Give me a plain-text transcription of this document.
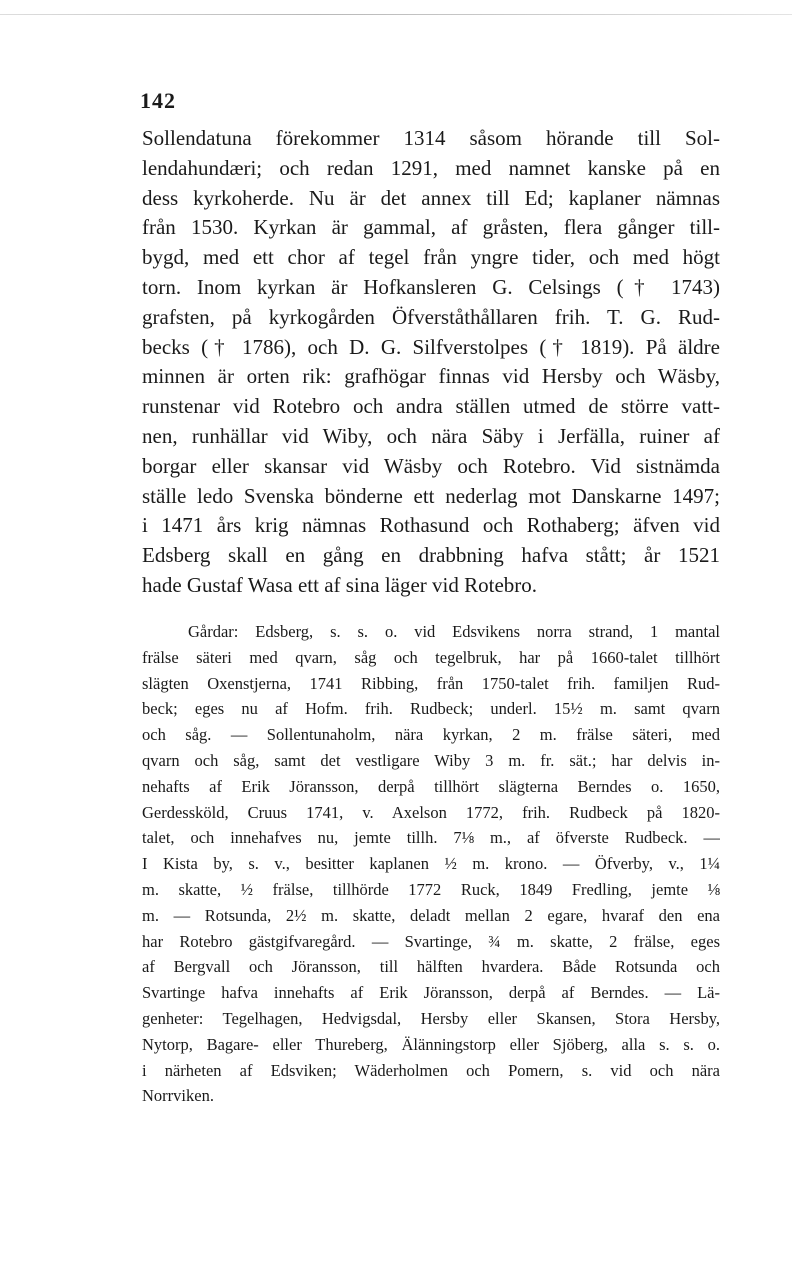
142
Sollendatuna förekommer 1314 såsom hörande till Sol-
lendahundæri; och redan 1291, med namnet kanske på en
dess kyrkoherde. Nu är det annex till Ed; kaplaner nämnas
från 1530. Kyrkan är gammal, af gråsten, flera gånger till-
bygd, med ett chor af tegel från yngre tider, och med högt
torn. Inom kyrkan är Hofkansleren G. Celsings († 1743)
grafsten, på kyrkogården Öfverståthållaren frih. T. G. Rud-
becks († 1786), och D. G. Silfverstolpes († 1819). På äldre
minnen är orten rik: grafhögar finnas vid Hersby och Wäsby,
runstenar vid Rotebro och andra ställen utmed de större vatt-
nen, runhällar vid Wiby, och nära Säby i Jerfälla, ruiner af
borgar eller skansar vid Wäsby och Rotebro. Vid sistnämda
ställe ledo Svenska bönderne ett nederlag mot Danskarne 1497;
i 1471 års krig nämnas Rothasund och Rothaberg; äfven vid
Edsberg skall en gång en drabbning hafva stått; år 1521
hade Gustaf Wasa ett af sina läger vid Rotebro.
Gårdar: Edsberg, s. s. o. vid Edsvikens norra strand, 1 mantal
frälse säteri med qvarn, såg och tegelbruk, har på 1660-talet tillhört
slägten Oxenstjerna, 1741 Ribbing, från 1750-talet frih. familjen Rud-
beck; eges nu af Hofm. frih. Rudbeck; underl. 15½ m. samt qvarn
och såg. — Sollentunaholm, nära kyrkan, 2 m. frälse säteri, med
qvarn och såg, samt det vestligare Wiby 3 m. fr. sät.; har delvis in-
nehafts af Erik Jöransson, derpå tillhört slägterna Berndes o. 1650,
Gerdessköld, Cruus 1741, v. Axelson 1772, frih. Rudbeck på 1820-
talet, och innehafves nu, jemte tillh. 7⅛ m., af öfverste Rudbeck. —
I Kista by, s. v., besitter kaplanen ½ m. krono. — Öfverby, v., 1¼
m. skatte, ½ frälse, tillhörde 1772 Ruck, 1849 Fredling, jemte ⅛
m. — Rotsunda, 2½ m. skatte, deladt mellan 2 egare, hvaraf den ena
har Rotebro gästgifvaregård. — Svartinge, ¾ m. skatte, 2 frälse, eges
af Bergvall och Jöransson, till hälften hvardera. Både Rotsunda och
Svartinge hafva innehafts af Erik Jöransson, derpå af Berndes. — Lä-
genheter: Tegelhagen, Hedvigsdal, Hersby eller Skansen, Stora Hersby,
Nytorp, Bagare- eller Thureberg, Älänningstorp eller Sjöberg, alla s. s. o.
i närheten af Edsviken; Wäderholmen och Pomern, s. vid och nära
Norrviken.
